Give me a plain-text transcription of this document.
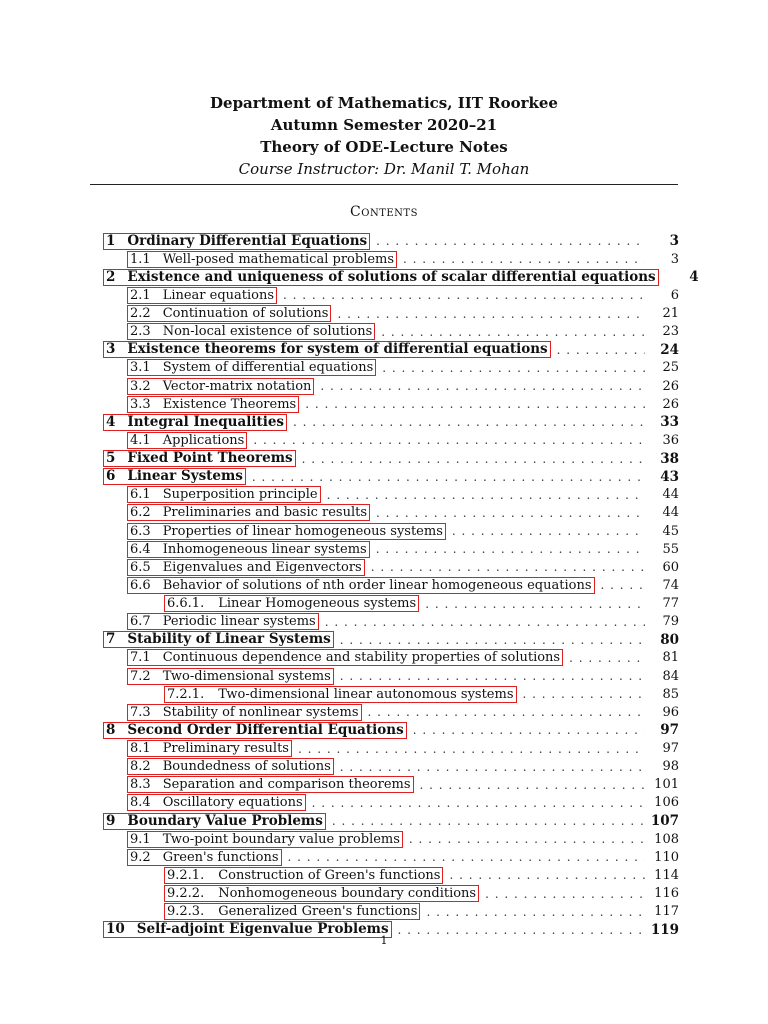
Department of Mathematics, IIT Roorkee
Autumn Semester 2020–21
Theory of ODE-Lecture Notes
Course Instructor: Dr. Manil T. Mohan
Contents
1 Ordinary Differential Equations . . .	3
1.1 Well-posed mathematical problems . . .	3
2 Existence and uniqueness of solutions of scalar differential equations	4
2.1 Linear equations . . .	6
2.2 Continuation of solutions . . .	21
2.3 Non-local existence of solutions . . .	23
3 Existence theorems for system of differential equations . . .	24
3.1 System of differential equations . . .	25
3.2 Vector-matrix notation . . .	26
3.3 Existence Theorems . . .	26
4 Integral Inequalities . . .	33
4.1 Applications . . .	36
5 Fixed Point Theorems . . .	38
6 Linear Systems . . .	43
6.1 Superposition principle . . .	44
6.2 Preliminaries and basic results . . .	44
6.3 Properties of linear homogeneous systems . . .	45
6.4 Inhomogeneous linear systems . . .	55
6.5 Eigenvalues and Eigenvectors . . .	60
6.6 Behavior of solutions of nth order linear homogeneous equations . . .	74
6.6.1. Linear Homogeneous systems . . .	77
6.7 Periodic linear systems . . .	79
7 Stability of Linear Systems . . .	80
7.1 Continuous dependence and stability properties of solutions . . .	81
7.2 Two-dimensional systems . . .	84
7.2.1. Two-dimensional linear autonomous systems . . .	85
7.3 Stability of nonlinear systems . . .	96
8 Second Order Differential Equations . . .	97
8.1 Preliminary results . . .	97
8.2 Boundedness of solutions . . .	98
8.3 Separation and comparison theorems . . .	101
8.4 Oscillatory equations . . .	106
9 Boundary Value Problems . . .	107
9.1 Two-point boundary value problems . . .	108
9.2 Green's functions . . .	110
9.2.1. Construction of Green's functions . . .	114
9.2.2. Nonhomogeneous boundary conditions . . .	116
9.2.3. Generalized Green's functions . . .	117
10 Self-adjoint Eigenvalue Problems . . .	119
1
